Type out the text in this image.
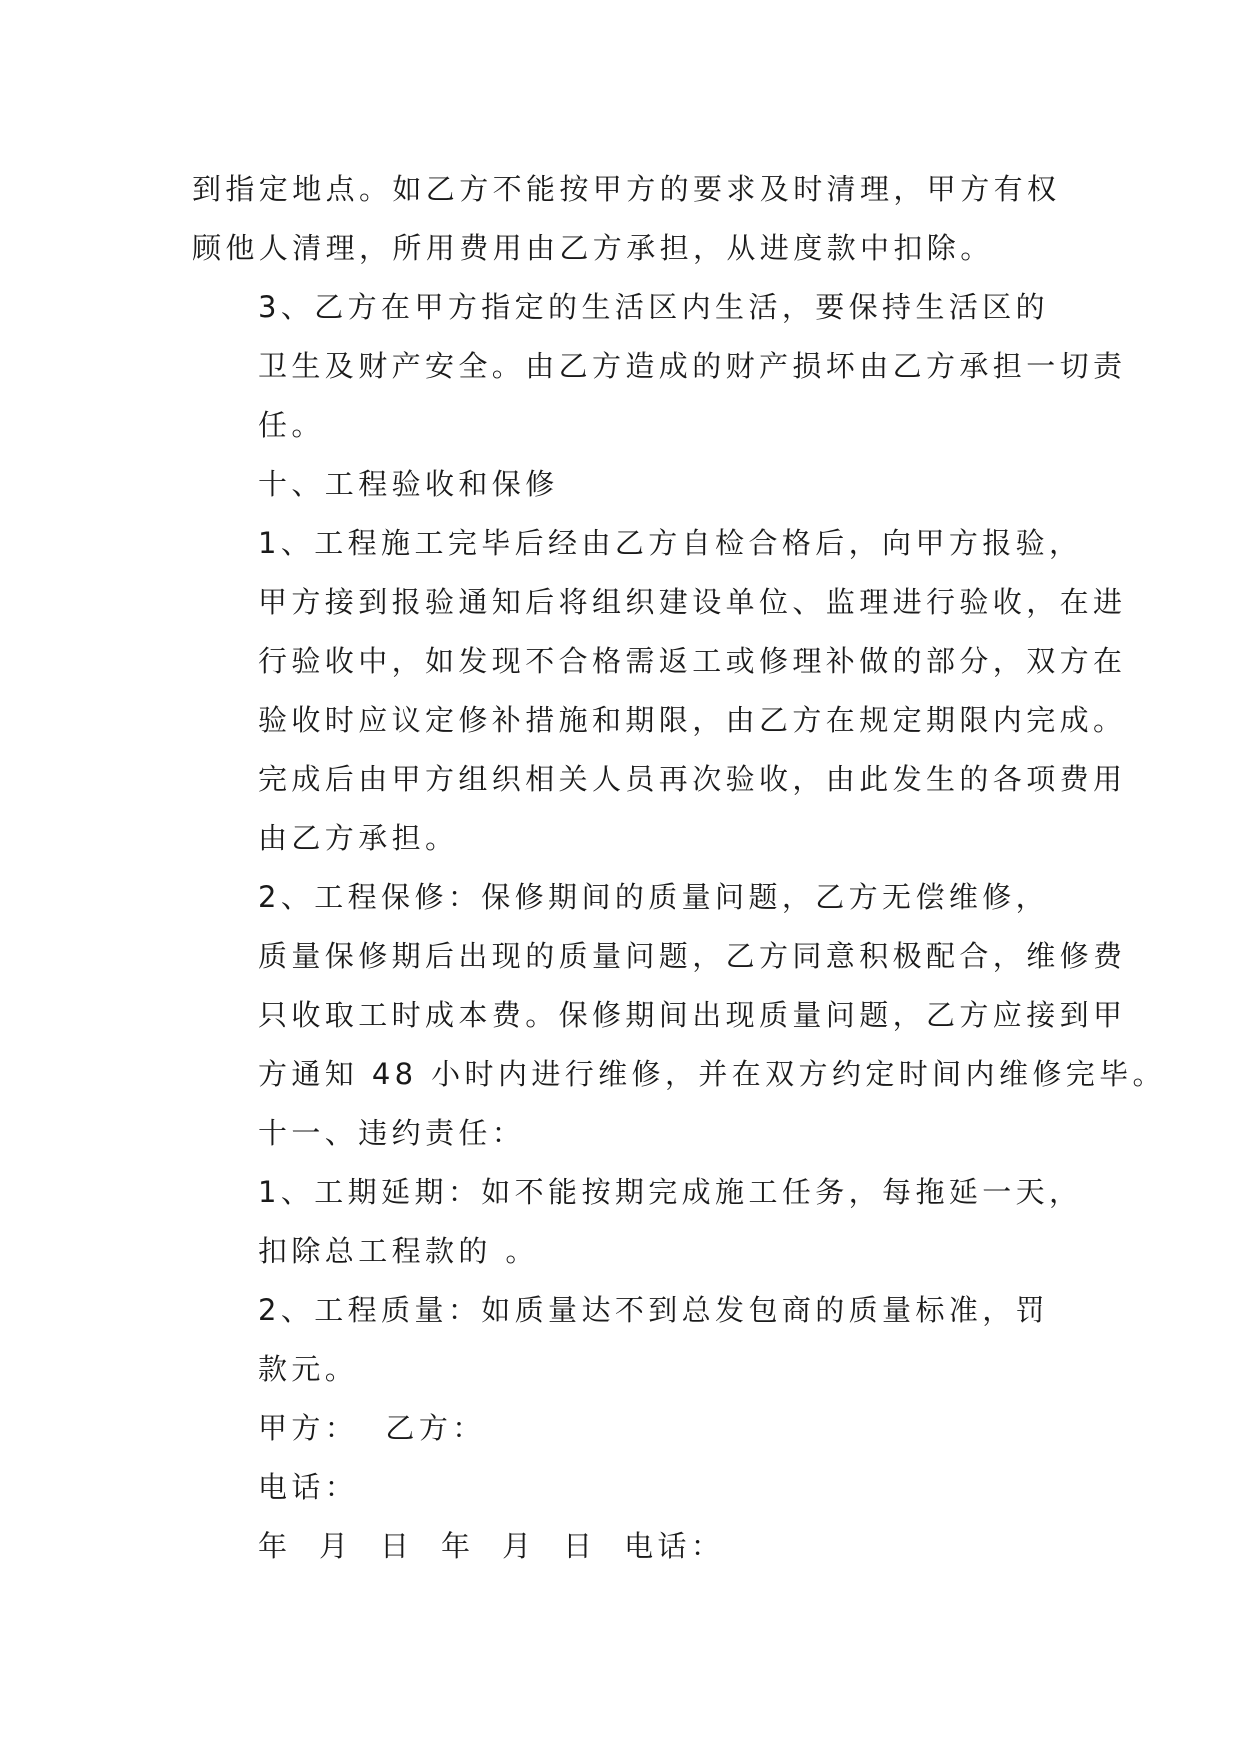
到指定地点。如乙方不能按甲方的要求及时清理，甲方有权
顾他人清理，所用费用由乙方承担，从进度款中扣除。

3、乙方在甲方指定的生活区内生活，要保持生活区的
卫生及财产安全。由乙方造成的财产损坏由乙方承担一切责
任。

十、工程验收和保修

1、工程施工完毕后经由乙方自检合格后，向甲方报验，
甲方接到报验通知后将组织建设单位、监理进行验收，在进
行验收中，如发现不合格需返工或修理补做的部分，双方在
验收时应议定修补措施和期限，由乙方在规定期限内完成。
完成后由甲方组织相关人员再次验收，由此发生的各项费用
由乙方承担。

2、工程保修：保修期间的质量问题，乙方无偿维修，
质量保修期后出现的质量问题，乙方同意积极配合，维修费
只收取工时成本费。保修期间出现质量问题，乙方应接到甲
方通知 48 小时内进行维修，并在双方约定时间内维修完毕。

十一、违约责任：

1、工期延期：如不能按期完成施工任务，每拖延一天，
扣除总工程款的 。

2、工程质量：如质量达不到总发包商的质量标准，罚
款元。

甲方：  乙方：

电话：

年 月 日 年 月 日 电话：
